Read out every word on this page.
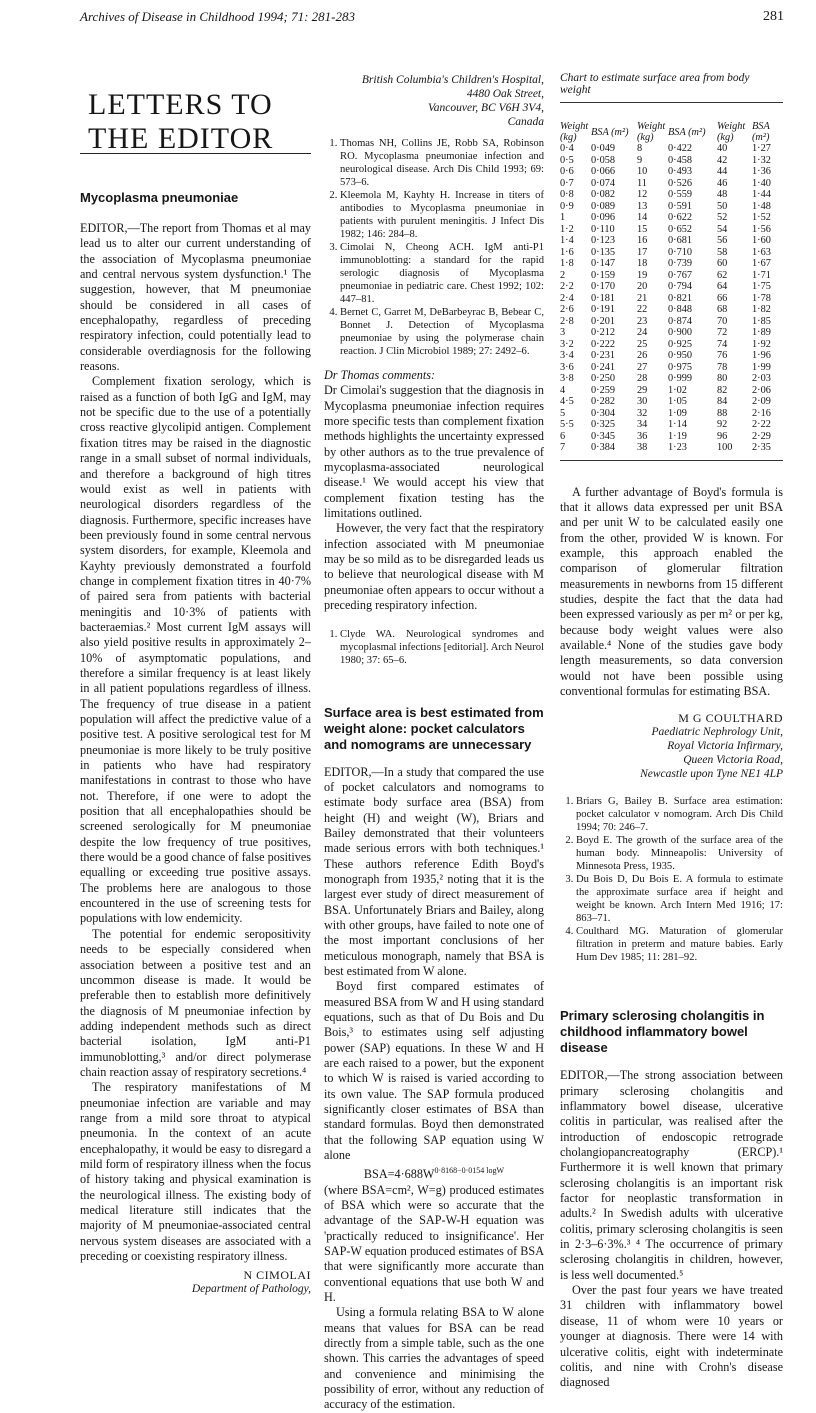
Archives of Disease in Childhood 1994; 71: 281-283	281
LETTERS TO
THE EDITOR
Mycoplasma pneumoniae

EDITOR,—The report from Thomas et al may lead us to alter our current understanding of the association of Mycoplasma pneumoniae and central nervous system dysfunction.¹ The suggestion, however, that M pneumoniae should be considered in all cases of encephalopathy, regardless of preceding respiratory infection, could potentially lead to considerable overdiagnosis for the following reasons.

Complement fixation serology, which is raised as a function of both IgG and IgM, may not be specific due to the use of a potentially cross reactive glycolipid antigen. Complement fixation titres may be raised in the diagnostic range in a small subset of normal individuals, and therefore a background of high titres would exist as well in patients with neurological disorders regardless of the diagnosis. Furthermore, specific increases have been previously found in some central nervous system disorders, for example, Kleemola and Kayhty previously demonstrated a fourfold change in complement fixation titres in 40·7% of paired sera from patients with bacterial meningitis and 10·3% of patients with bacteraemias.² Most current IgM assays will also yield positive results in approximately 2–10% of asymptomatic populations, and therefore a similar frequency is at least likely in all patient populations regardless of illness. The frequency of true disease in a patient population will affect the predictive value of a positive test. A positive serological test for M pneumoniae is more likely to be truly positive in patients who have had respiratory manifestations in contrast to those who have not. Therefore, if one were to adopt the position that all encephalopathies should be screened serologically for M pneumoniae despite the low frequency of true positives, there would be a good chance of false positives equalling or exceeding true positive assays. The problems here are analogous to those encountered in the use of screening tests for populations with low endemicity.

The potential for endemic seropositivity needs to be especially considered when association between a positive test and an uncommon disease is made. It would be preferable then to establish more definitively the diagnosis of M pneumoniae infection by adding independent methods such as direct bacterial isolation, IgM anti-P1 immunoblotting,³ and/or direct polymerase chain reaction assay of respiratory secretions.⁴

The respiratory manifestations of M pneumoniae infection are variable and may range from a mild sore throat to atypical pneumonia. In the context of an acute encephalopathy, it would be easy to disregard a mild form of respiratory illness when the focus of history taking and physical examination is the neurological illness. The existing body of medical literature still indicates that the majority of M pneumoniae-associated central nervous system diseases are associated with a preceding or coexisting respiratory illness.

N CIMOLAI
Department of Pathology,
British Columbia's Children's Hospital,
4480 Oak Street,
Vancouver, BC V6H 3V4,
Canada
1. Thomas NH, Collins JE, Robb SA, Robinson RO. Mycoplasma pneumoniae infection and neurological disease. Arch Dis Child 1993; 69: 573–6.
2. Kleemola M, Kayhty H. Increase in titers of antibodies to Mycoplasma pneumoniae in patients with purulent meningitis. J Infect Dis 1982; 146: 284–8.
3. Cimolai N, Cheong ACH. IgM anti-P1 immunoblotting: a standard for the rapid serologic diagnosis of Mycoplasma pneumoniae in pediatric care. Chest 1992; 102: 447–81.
4. Bernet C, Garret M, DeBarbeyrac B, Bebear C, Bonnet J. Detection of Mycoplasma pneumoniae by using the polymerase chain reaction. J Clin Microbiol 1989; 27: 2492–6.

Dr Thomas comments:

Dr Cimolai's suggestion that the diagnosis in Mycoplasma pneumoniae infection requires more specific tests than complement fixation methods highlights the uncertainty expressed by other authors as to the true prevalence of mycoplasma-associated neurological disease.¹ We would accept his view that complement fixation testing has the limitations outlined.

However, the very fact that the respiratory infection associated with M pneumoniae may be so mild as to be disregarded leads us to believe that neurological disease with M pneumoniae often appears to occur without a preceding respiratory infection.

1. Clyde WA. Neurological syndromes and mycoplasmal infections [editorial]. Arch Neurol 1980; 37: 65–6.
Surface area is best estimated from weight alone: pocket calculators and nomograms are unnecessary

EDITOR,—In a study that compared the use of pocket calculators and nomograms to estimate body surface area (BSA) from height (H) and weight (W), Briars and Bailey demonstrated that their volunteers made serious errors with both techniques.¹ These authors reference Edith Boyd's monograph from 1935,² noting that it is the largest ever study of direct measurement of BSA. Unfortunately Briars and Bailey, along with other groups, have failed to note one of the most important conclusions of her meticulous monograph, namely that BSA is best estimated from W alone.

Boyd first compared estimates of measured BSA from W and H using standard equations, such as that of Du Bois and Du Bois,³ to estimates using self adjusting power (SAP) equations. In these W and H are each raised to a power, but the exponent to which W is raised is varied according to its own value. The SAP formula produced significantly closer estimates of BSA than standard formulas. Boyd then demonstrated that the following SAP equation using W alone

$BSA=4\cdot 688W^{0\cdot 8168-0\cdot 0154 logW}$

(where BSA=cm², W=g) produced estimates of BSA which were so accurate that the advantage of the SAP-W-H equation was 'practically reduced to insignificance'. Her SAP-W equation produced estimates of BSA that were significantly more accurate than conventional equations that use both W and H.

Using a formula relating BSA to W alone means that values for BSA can be read directly from a simple table, such as the one shown. This carries the advantages of speed and convenience and minimising the possibility of error, without any reduction of accuracy of the estimation.

Chart to estimate surface area from body weight
Weight (kg)	BSA (m²)	Weight (kg)	BSA (m²)	Weight (kg)	BSA (m²)
0·4	0·049	8	0·422	40	1·27
0·5	0·058	9	0·458	42	1·32
0·6	0·066	10	0·493	44	1·36
0·7	0·074	11	0·526	46	1·40
0·8	0·082	12	0·559	48	1·44
0·9	0·089	13	0·591	50	1·48
1	0·096	14	0·622	52	1·52
1·2	0·110	15	0·652	54	1·56
1·4	0·123	16	0·681	56	1·60
1·6	0·135	17	0·710	58	1·63
1·8	0·147	18	0·739	60	1·67
2	0·159	19	0·767	62	1·71
2·2	0·170	20	0·794	64	1·75
2·4	0·181	21	0·821	66	1·78
2·6	0·191	22	0·848	68	1·82
2·8	0·201	23	0·874	70	1·85
3	0·212	24	0·900	72	1·89
3·2	0·222	25	0·925	74	1·92
3·4	0·231	26	0·950	76	1·96
3·6	0·241	27	0·975	78	1·99
3·8	0·250	28	0·999	80	2·03
4	0·259	29	1·02	82	2·06
4·5	0·282	30	1·05	84	2·09
5	0·304	32	1·09	88	2·16
5·5	0·325	34	1·14	92	2·22
6	0·345	36	1·19	96	2·29
7	0·384	38	1·23	100	2·35

A further advantage of Boyd's formula is that it allows data expressed per unit BSA and per unit W to be calculated easily one from the other, provided W is known. For example, this approach enabled the comparison of glomerular filtration measurements in newborns from 15 different studies, despite the fact that the data had been expressed variously as per m² or per kg, because body weight values were also available.⁴ None of the studies gave body length measurements, so data conversion would not have been possible using conventional formulas for estimating BSA.

M G COULTHARD
Paediatric Nephrology Unit,
Royal Victoria Infirmary,
Queen Victoria Road,
Newcastle upon Tyne NE1 4LP
1. Briars G, Bailey B. Surface area estimation: pocket calculator v nomogram. Arch Dis Child 1994; 70: 246–7.
2. Boyd E. The growth of the surface area of the human body. Minneapolis: University of Minnesota Press, 1935.
3. Du Bois D, Du Bois E. A formula to estimate the approximate surface area if height and weight be known. Arch Intern Med 1916; 17: 863–71.
4. Coulthard MG. Maturation of glomerular filtration in preterm and mature babies. Early Hum Dev 1985; 11: 281–92.
Primary sclerosing cholangitis in childhood inflammatory bowel disease

EDITOR,—The strong association between primary sclerosing cholangitis and inflammatory bowel disease, ulcerative colitis in particular, was realised after the introduction of endoscopic retrograde cholangiopancreatography (ERCP).¹ Furthermore it is well known that primary sclerosing cholangitis is an important risk factor for neoplastic transformation in adults.² In Swedish adults with ulcerative colitis, primary sclerosing cholangitis is seen in 2·3–6·3%.³ ⁴ The occurrence of primary sclerosing cholangitis in children, however, is less well documented.⁵

Over the past four years we have treated 31 children with inflammatory bowel disease, 11 of whom were 10 years or younger at diagnosis. There were 14 with ulcerative colitis, eight with indeterminate colitis, and nine with Crohn's disease diagnosed
